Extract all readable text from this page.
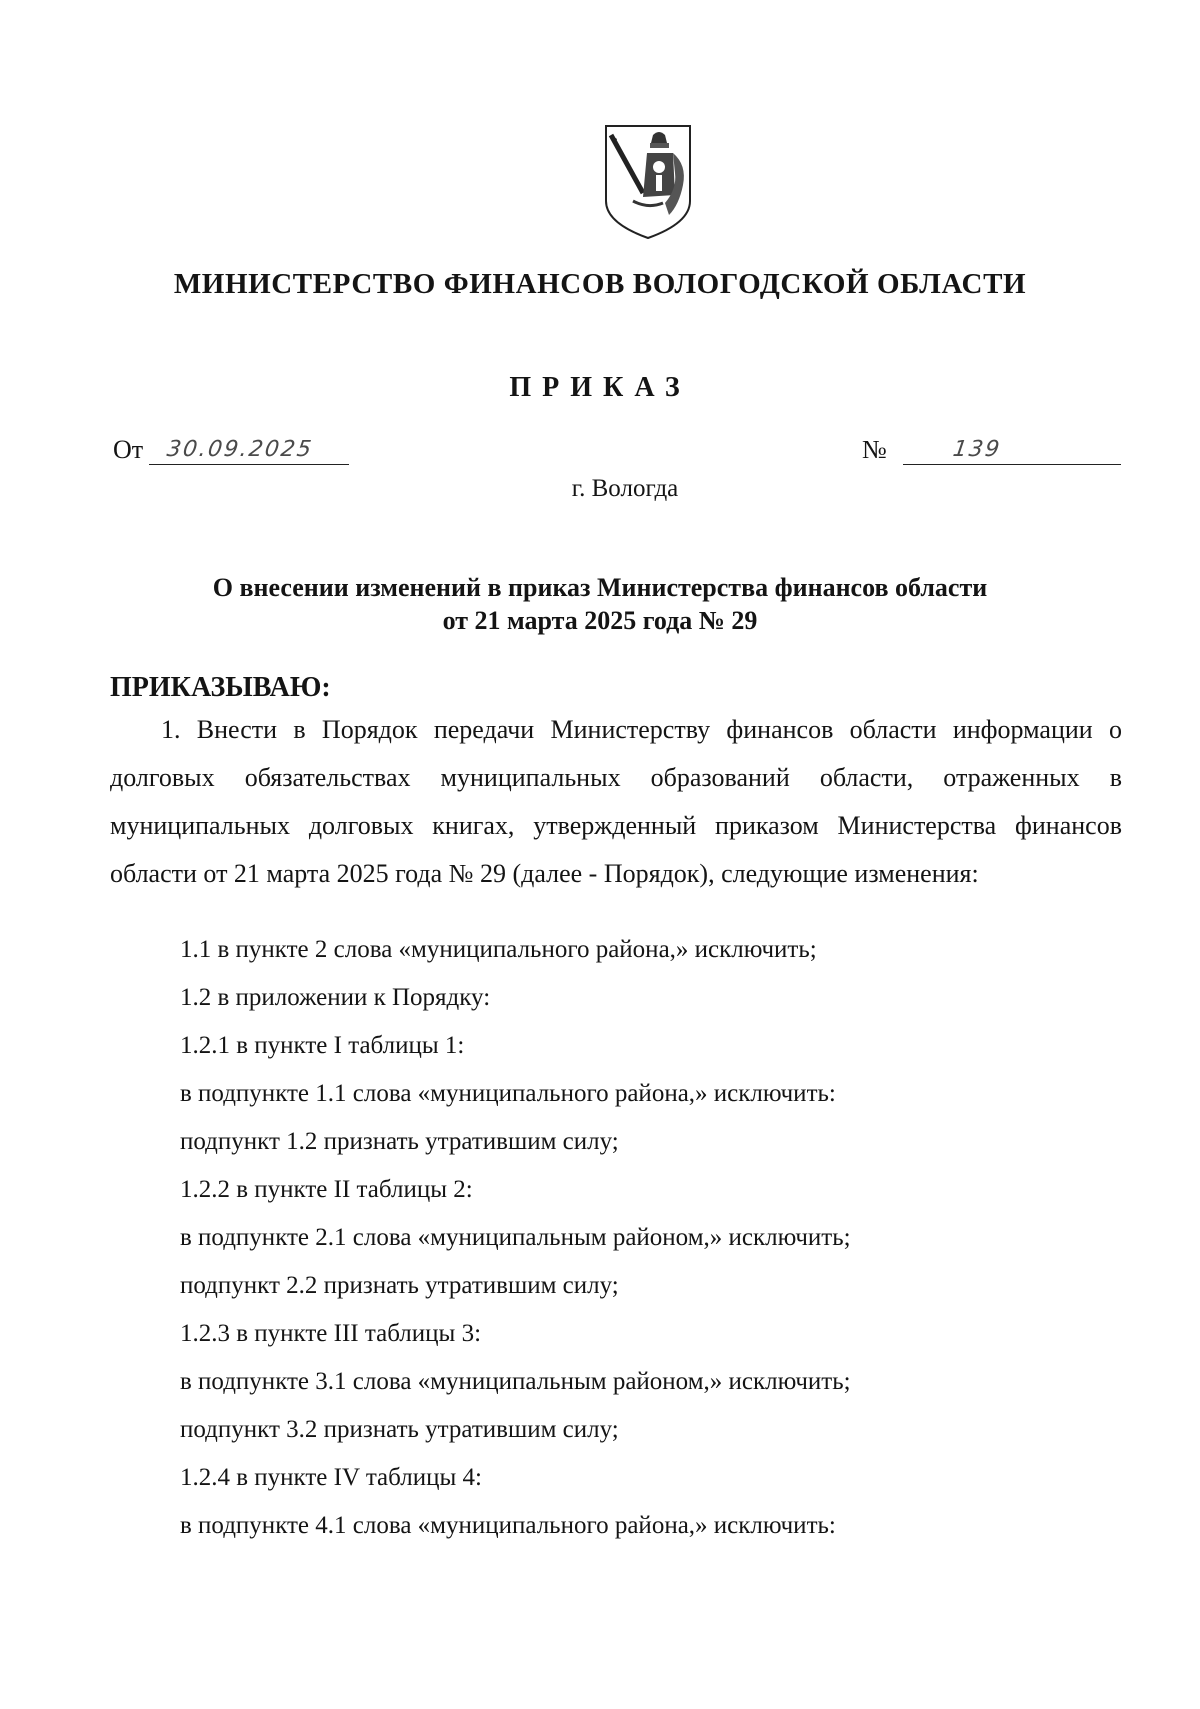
МИНИСТЕРСТВО ФИНАНСОВ ВОЛОГОДСКОЙ ОБЛАСТИ
ПРИКАЗ
От 30.09.2025	№	139
г. Вологда
О внесении изменений в приказ Министерства финансов области
от 21 марта 2025 года № 29
ПРИКАЗЫВАЮ:
1. Внести в Порядок передачи Министерству финансов области информации о долговых обязательствах муниципальных образований области, отраженных в муниципальных долговых книгах, утвержденный приказом Министерства финансов области от 21 марта 2025 года № 29 (далее - Порядок), следующие изменения:
1.1 в пункте 2 слова «муниципального района,» исключить;
1.2 в приложении к Порядку:
1.2.1 в пункте I таблицы 1:
в подпункте 1.1 слова «муниципального района,» исключить:
подпункт 1.2 признать утратившим силу;
1.2.2 в пункте II таблицы 2:
в подпункте 2.1 слова «муниципальным районом,» исключить;
подпункт 2.2 признать утратившим силу;
1.2.3 в пункте III таблицы 3:
в подпункте 3.1 слова «муниципальным районом,» исключить;
подпункт 3.2 признать утратившим силу;
1.2.4 в пункте IV таблицы 4:
в подпункте 4.1 слова «муниципального района,» исключить:
